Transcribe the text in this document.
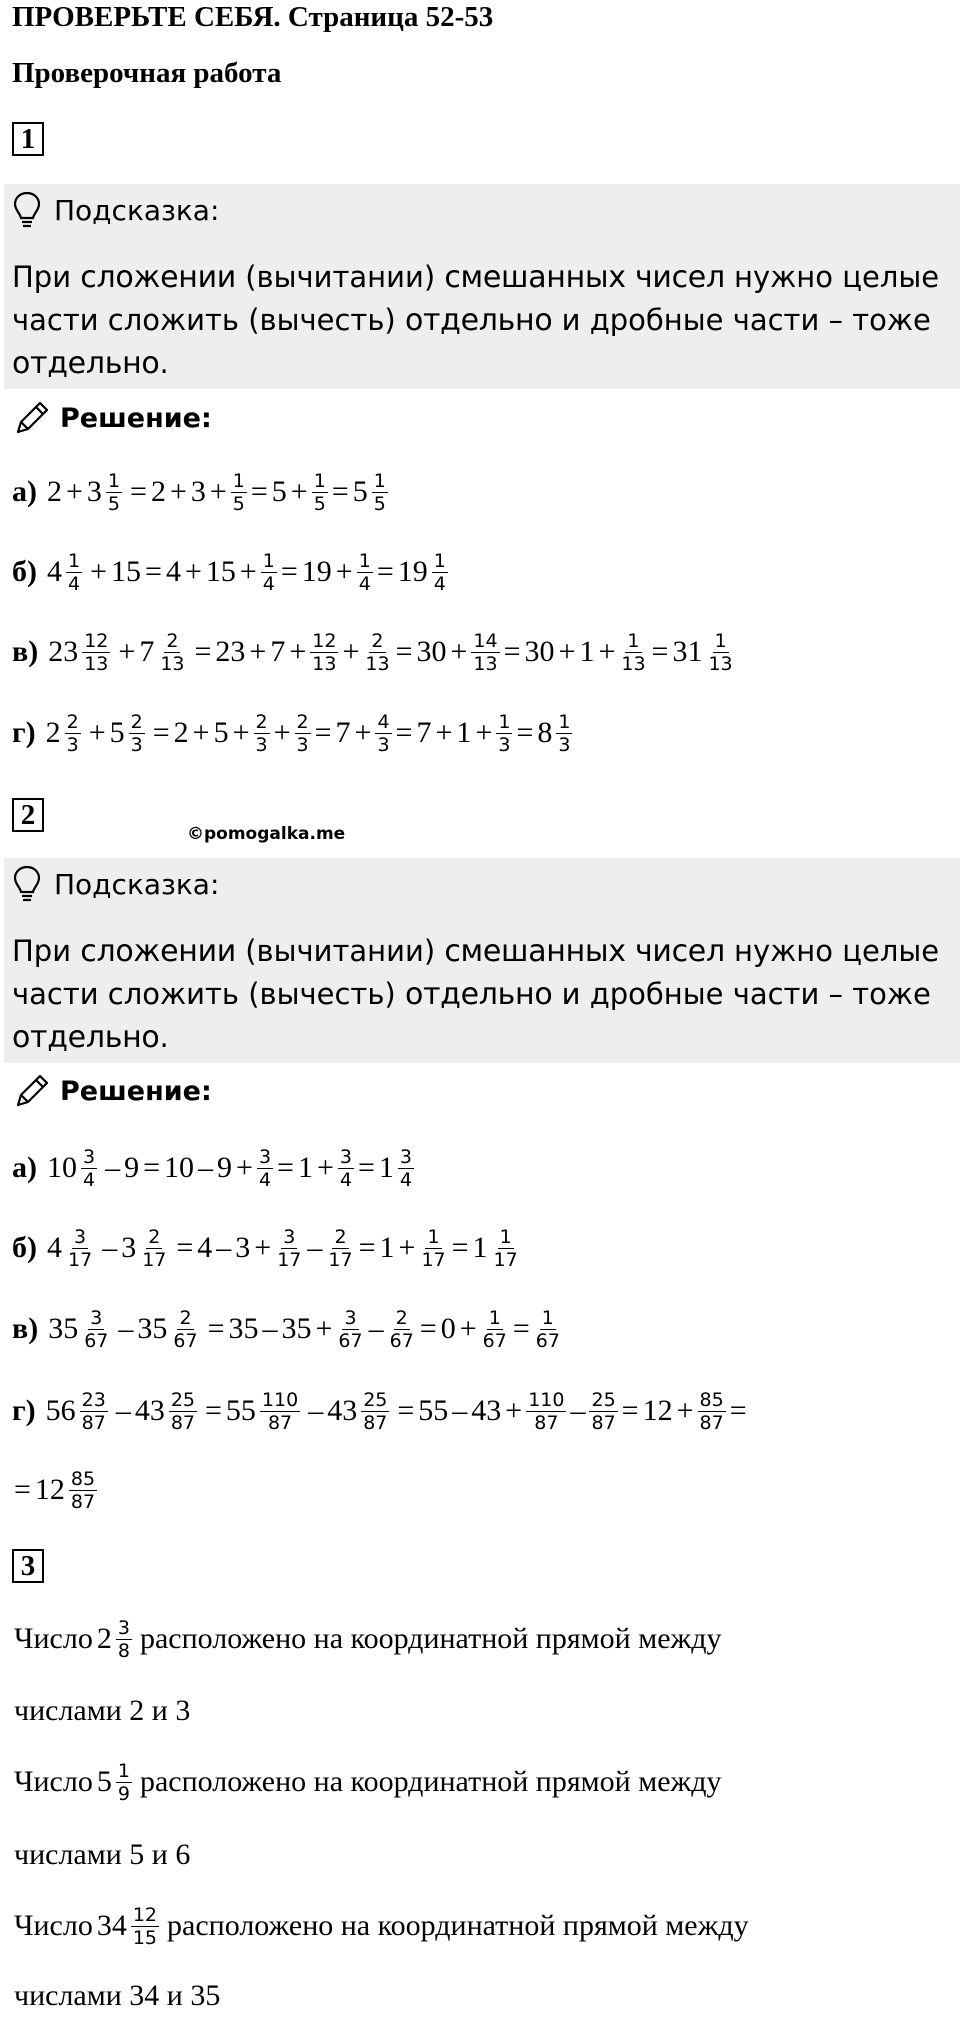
ПРОВЕРЬТЕ СЕБЯ. Страница 52-53
Проверочная работа
1
Подсказка:
При сложении (вычитании) смешанных чисел нужно целые части сложить (вычесть) отдельно и дробные части – тоже отдельно.
Решение:
а) $2 + 3 \frac{1}{5} = 2 + 3 + \frac{1}{5} = 5 + \frac{1}{5} = 5 \frac{1}{5}$
б) $4 \frac{1}{4} + 15 = 4 + 15 + \frac{1}{4} = 19 + \frac{1}{4} = 19 \frac{1}{4}$
в) $23 \frac{12}{13} + 7 \frac{2}{13} = 23 + 7 + \frac{12}{13} + \frac{2}{13} = 30 + \frac{14}{13} = 30 + 1 + \frac{1}{13} = 31 \frac{1}{13}$
г) $2 \frac{2}{3} + 5 \frac{2}{3} = 2 + 5 + \frac{2}{3} + \frac{2}{3} = 7 + \frac{4}{3} = 7 + 1 + \frac{1}{3} = 8 \frac{1}{3}$
2
©pomogalka.me
Подсказка:
При сложении (вычитании) смешанных чисел нужно целые части сложить (вычесть) отдельно и дробные части – тоже отдельно.
Решение:
а) $10 \frac{3}{4} - 9 = 10 - 9 + \frac{3}{4} = 1 + \frac{3}{4} = 1 \frac{3}{4}$
б) $4 \frac{3}{17} - 3 \frac{2}{17} = 4 - 3 + \frac{3}{17} - \frac{2}{17} = 1 + \frac{1}{17} = 1 \frac{1}{17}$
в) $35 \frac{3}{67} - 35 \frac{2}{67} = 35 - 35 + \frac{3}{67} - \frac{2}{67} = 0 + \frac{1}{67} = \frac{1}{67}$
г) $56 \frac{23}{87} - 43 \frac{25}{87} = 55 \frac{110}{87} - 43 \frac{25}{87} = 55 - 43 + \frac{110}{87} - \frac{25}{87} = 12 + \frac{85}{87}$ =
= $12 \frac{85}{87}$
3
Число $2 \frac{3}{8}$ расположено на координатной прямой между
числами 2 и 3
Число $5 \frac{1}{9}$ расположено на координатной прямой между
числами 5 и 6
Число $34 \frac{12}{15}$ расположено на координатной прямой между
числами 34 и 35
